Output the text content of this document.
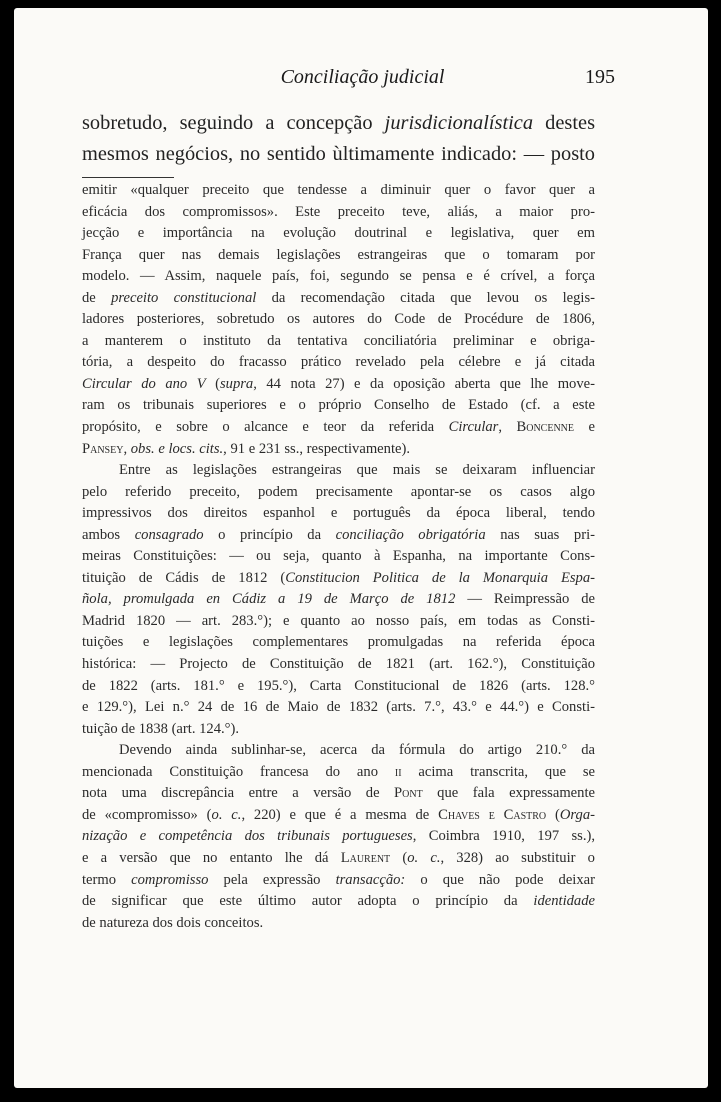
Conciliação judicial	195
sobretudo, seguindo a concepção jurisdicionalística destes
mesmos negócios, no sentido ùltimamente indicado: — posto

emitir «qualquer preceito que tendesse a diminuir quer o favor quer a
eficácia dos compromissos». Este preceito teve, aliás, a maior pro-
jecção e importância na evolução doutrinal e legislativa, quer em
França quer nas demais legislações estrangeiras que o tomaram por
modelo. — Assim, naquele país, foi, segundo se pensa e é crível, a força
de preceito constitucional da recomendação citada que levou os legis-
ladores posteriores, sobretudo os autores do Code de Procédure de 1806,
a manterem o instituto da tentativa conciliatória preliminar e obriga-
tória, a despeito do fracasso prático revelado pela célebre e já citada
Circular do ano V (supra, 44 nota 27) e da oposição aberta que lhe move-
ram os tribunais superiores e o próprio Conselho de Estado (cf. a este
propósito, e sobre o alcance e teor da referida Circular, Boncenne e
Pansey, obs. e locs. cits., 91 e 231 ss., respectivamente).

Entre as legislações estrangeiras que mais se deixaram influenciar
pelo referido preceito, podem precisamente apontar-se os casos algo
impressivos dos direitos espanhol e português da época liberal, tendo
ambos consagrado o princípio da conciliação obrigatória nas suas pri-
meiras Constituições: — ou seja, quanto à Espanha, na importante Cons-
tituição de Cádis de 1812 (Constitucion Politica de la Monarquia Espa-
ñola, promulgada en Cádiz a 19 de Março de 1812 — Reimpressão de
Madrid 1820 — art. 283.°); e quanto ao nosso país, em todas as Consti-
tuições e legislações complementares promulgadas na referida época
histórica: — Projecto de Constituição de 1821 (art. 162.°), Constituição
de 1822 (arts. 181.° e 195.°), Carta Constitucional de 1826 (arts. 128.°
e 129.°), Lei n.° 24 de 16 de Maio de 1832 (arts. 7.°, 43.° e 44.°) e Consti-
tuição de 1838 (art. 124.°).

Devendo ainda sublinhar-se, acerca da fórmula do artigo 210.° da
mencionada Constituição francesa do ano ii acima transcrita, que se
nota uma discrepância entre a versão de Pont que fala expressamente
de «compromisso» (o. c., 220) e que é a mesma de Chaves e Castro (Orga-
nização e competência dos tribunais portugueses, Coimbra 1910, 197 ss.),
e a versão que no entanto lhe dá Laurent (o. c., 328) ao substituir o
termo compromisso pela expressão transacção: o que não pode deixar
de significar que este último autor adopta o princípio da identidade
de natureza dos dois conceitos.
